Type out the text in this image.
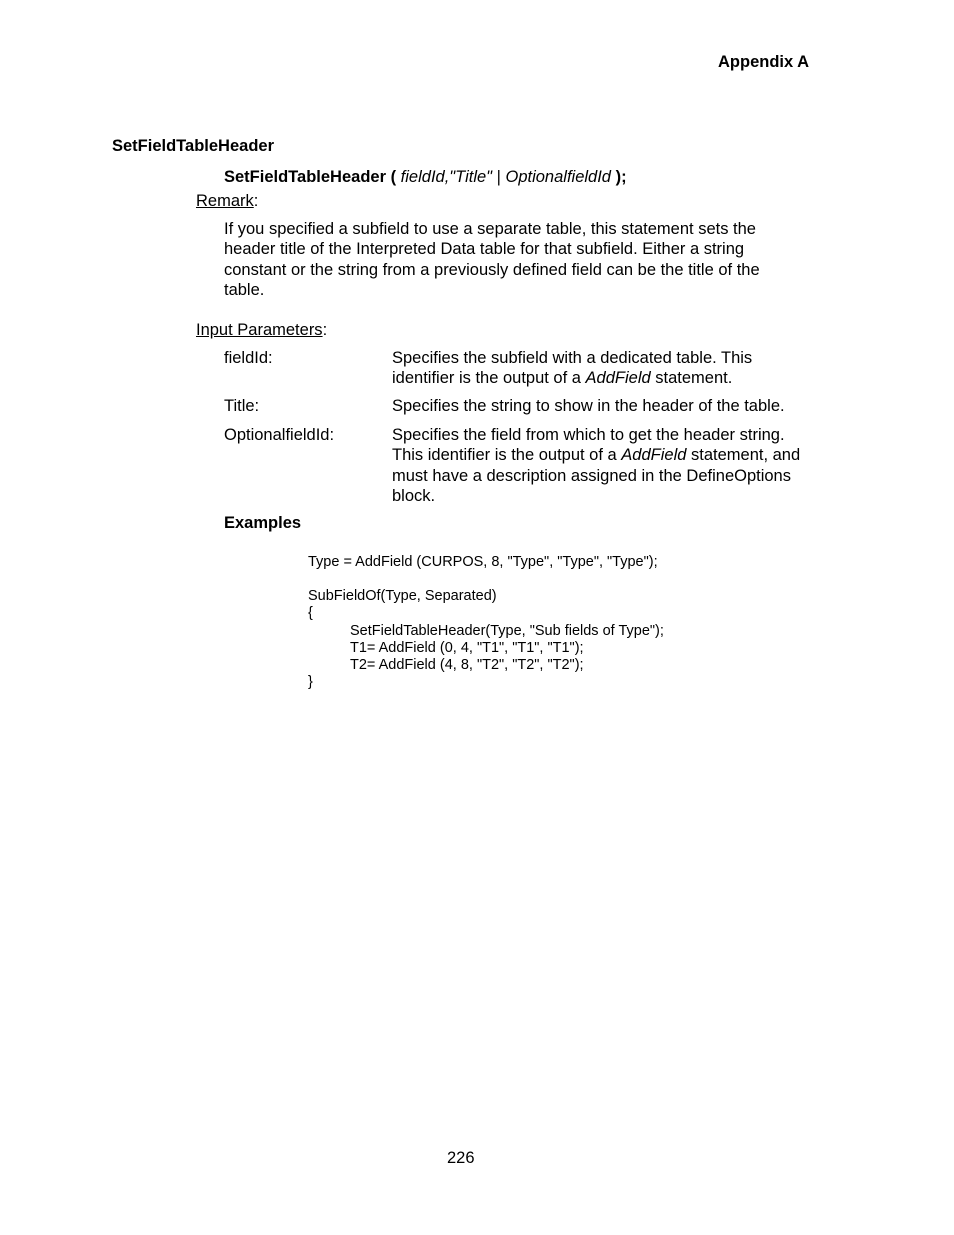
Appendix A
SetFieldTableHeader
SetFieldTableHeader ( fieldId,"Title" | OptionalfieldId );
Remark:
If you specified a subfield to use a separate table, this statement sets the
header title of the Interpreted Data table for that subfield. Either a string
constant or the string from a previously defined field can be the title of the
table.
Input Parameters:
fieldId:	Specifies the subfield with a dedicated table. This
identifier is the output of a AddField statement.
Title:	Specifies the string to show in the header of the table.
OptionalfieldId:	Specifies the field from which to get the header string.
This identifier is the output of a AddField statement, and
must have a description assigned in the DefineOptions
block.
Examples
Type = AddField (CURPOS, 8, "Type", "Type", "Type");
SubFieldOf(Type, Separated)
{
SetFieldTableHeader(Type, "Sub fields of Type");
T1= AddField (0, 4, "T1", "T1", "T1");
T2= AddField (4, 8, "T2", "T2", "T2");
}
226
